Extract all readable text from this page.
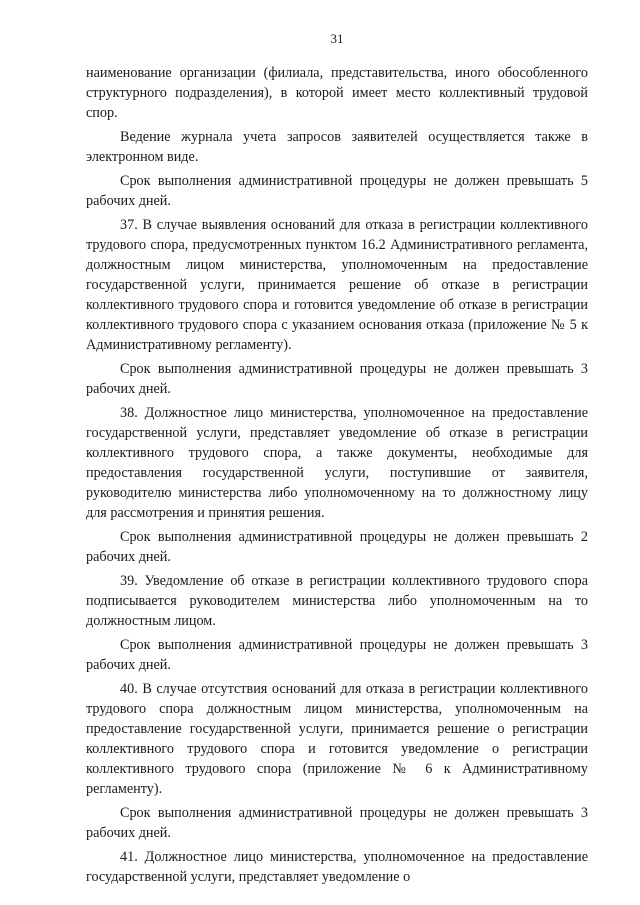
31

наименование организации (филиала, представительства, иного обособленного структурного подразделения), в которой имеет место коллективный трудовой спор.

Ведение журнала учета запросов заявителей осуществляется также в электронном виде.

Срок выполнения административной процедуры не должен превышать 5 рабочих дней.

37. В случае выявления оснований для отказа в регистрации коллективного трудового спора, предусмотренных пунктом 16.2 Административного регламента, должностным лицом министерства, уполномоченным на предоставление государственной услуги, принимается решение об отказе в регистрации коллективного трудового спора и готовится уведомление об отказе в регистрации коллективного трудового спора с указанием основания отказа (приложение № 5 к Административному регламенту).

Срок выполнения административной процедуры не должен превышать 3 рабочих дней.

38. Должностное лицо министерства, уполномоченное на предоставление государственной услуги, представляет уведомление об отказе в регистрации коллективного трудового спора, а также документы, необходимые для предоставления государственной услуги, поступившие от заявителя, руководителю министерства либо уполномоченному на то должностному лицу для рассмотрения и принятия решения.

Срок выполнения административной процедуры не должен превышать 2 рабочих дней.

39. Уведомление об отказе в регистрации коллективного трудового спора подписывается руководителем министерства либо уполномоченным на то должностным лицом.

Срок выполнения административной процедуры не должен превышать 3 рабочих дней.

40. В случае отсутствия оснований для отказа в регистрации коллективного трудового спора должностным лицом министерства, уполномоченным на предоставление государственной услуги, принимается решение о регистрации коллективного трудового спора и готовится уведомление о регистрации коллективного трудового спора (приложение № 6 к Административному регламенту).

Срок выполнения административной процедуры не должен превышать 3 рабочих дней.

41. Должностное лицо министерства, уполномоченное на предоставление государственной услуги, представляет уведомление о
